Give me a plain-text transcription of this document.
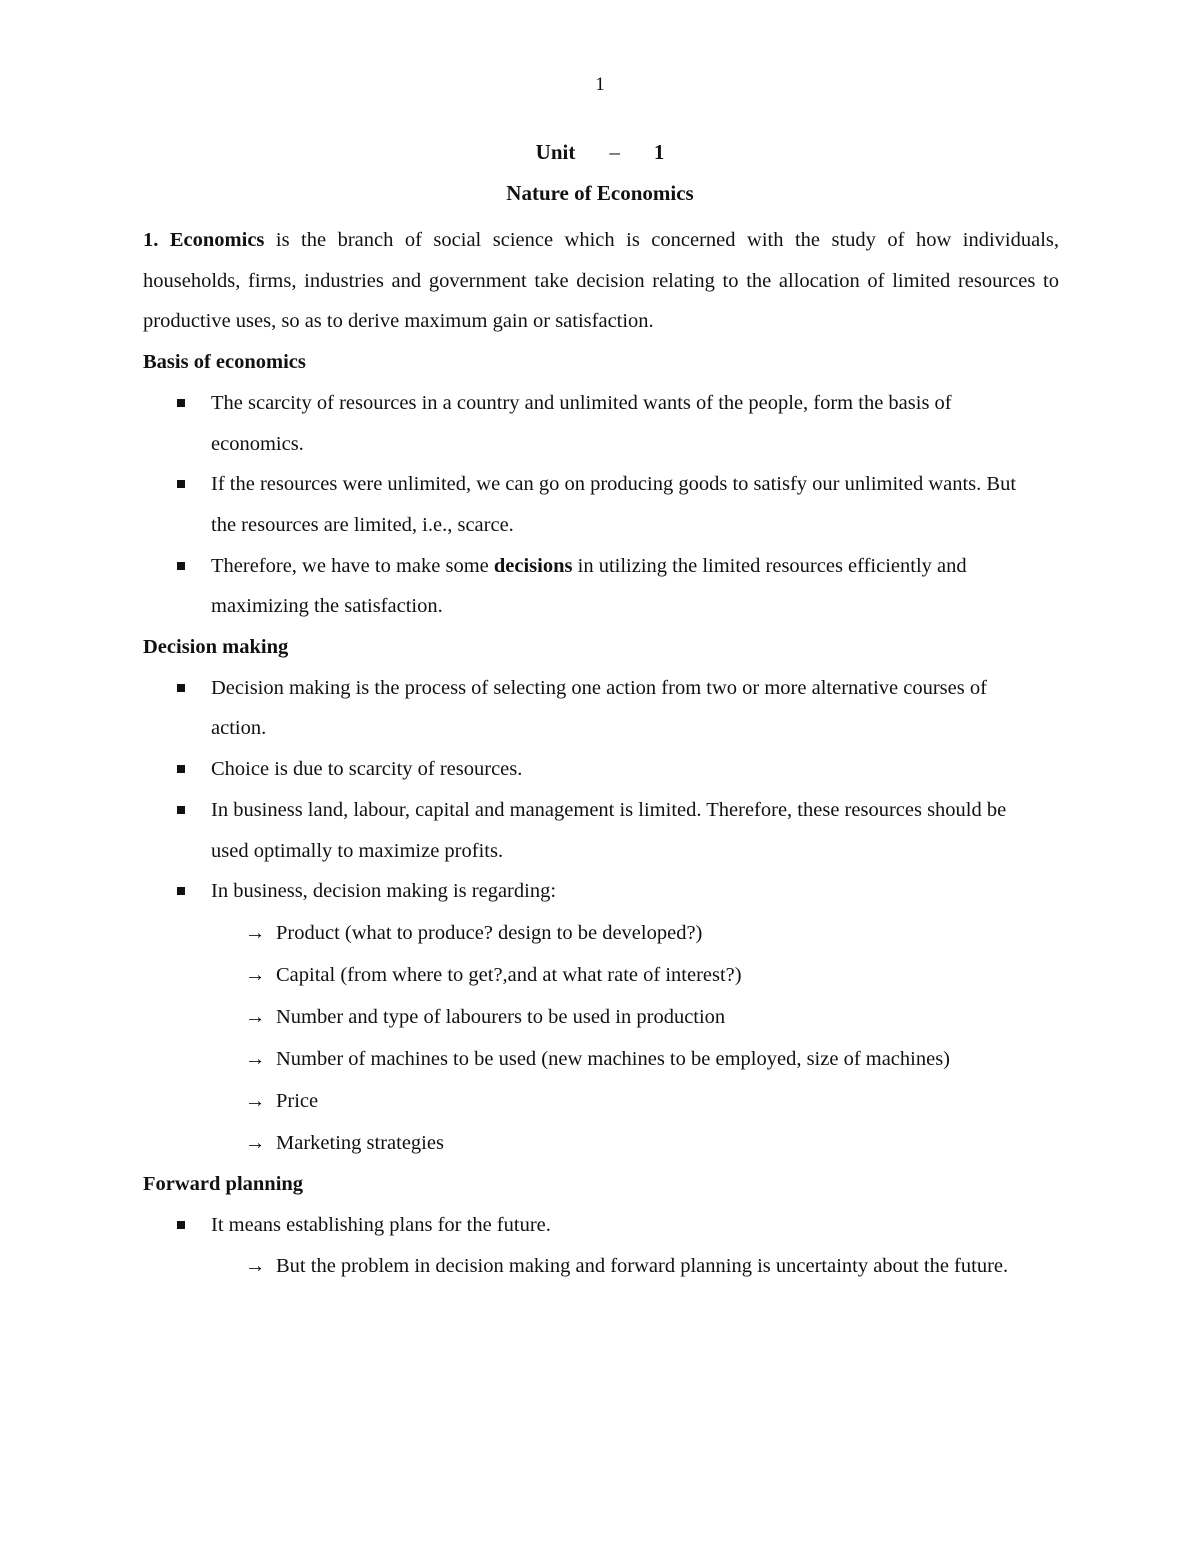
1
Unit – 1
Nature of Economics

1. Economics is the branch of social science which is concerned with the study of how individuals, households, firms, industries and government take decision relating to the allocation of limited resources to productive uses, so as to derive maximum gain or satisfaction.

Basis of economics

The scarcity of resources in a country and unlimited wants of the people, form the basis of economics.
If the resources were unlimited, we can go on producing goods to satisfy our unlimited wants. But the resources are limited, i.e., scarce.
Therefore, we have to make some decisions in utilizing the limited resources efficiently and maximizing the satisfaction.

Decision making

Decision making is the process of selecting one action from two or more alternative courses of action.
Choice is due to scarcity of resources.
In business land, labour, capital and management is limited. Therefore, these resources should be used optimally to maximize profits.
In business, decision making is regarding:
→ Product (what to produce? design to be developed?)
→ Capital (from where to get?,and at what rate of interest?)
→ Number and type of labourers to be used in production
→ Number of machines to be used (new machines to be employed, size of machines)
→ Price
→ Marketing strategies

Forward planning

It means establishing plans for the future.
→ But the problem in decision making and forward planning is uncertainty about the future.
